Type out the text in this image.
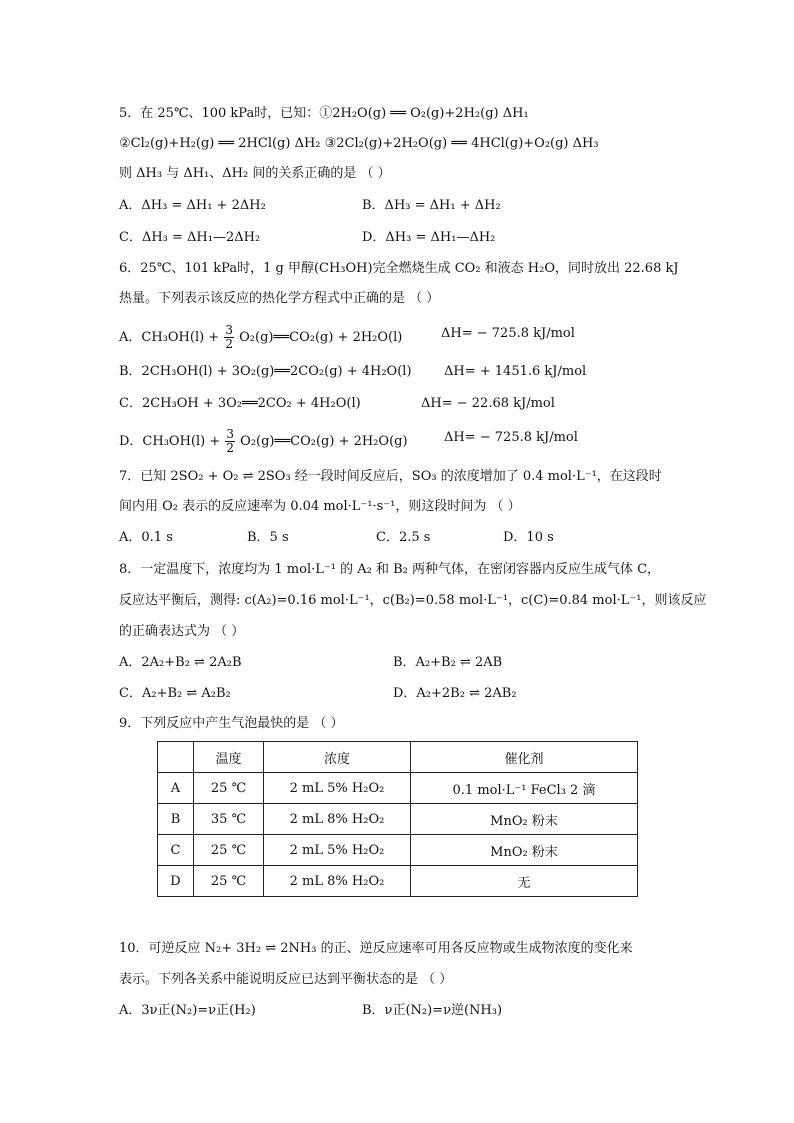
5．在 25℃、100 kPa时，已知：①2H₂O(g) ══ O₂(g)+2H₂(g) ΔH₁
②Cl₂(g)+H₂(g) ══ 2HCl(g) ΔH₂ ③2Cl₂(g)+2H₂O(g) ══ 4HCl(g)+O₂(g) ΔH₃
则 ΔH₃ 与 ΔH₁、ΔH₂ 间的关系正确的是 （ ）
A．ΔH₃ = ΔH₁ + 2ΔH₂	B．ΔH₃ = ΔH₁ + ΔH₂
C．ΔH₃ = ΔH₁—2ΔH₂	D．ΔH₃ = ΔH₁—ΔH₂
6．25℃、101 kPa时，1 g 甲醇(CH₃OH)完全燃烧生成 CO₂ 和液态 H₂O，同时放出 22.68 kJ
热量。下列表示该反应的热化学方程式中正确的是 （ ）
A．$CH_3OH(l) + \frac{3}{2}$ O₂(g)══CO₂(g) + 2H₂O(l)	ΔH= − 725.8 kJ/mol
B．2CH₃OH(l) + 3O₂(g)══2CO₂(g) + 4H₂O(l) ΔH= + 1451.6 kJ/mol
C．2CH₃OH + 3O₂══2CO₂ + 4H₂O(l)	ΔH= − 22.68 kJ/mol
D．$CH_3OH(l) + \frac{3}{2}$ O₂(g)══CO₂(g) + 2H₂O(g)	ΔH= − 725.8 kJ/mol
7．已知 2SO₂ + O₂ ⇌ 2SO₃ 经一段时间反应后，SO₃ 的浓度增加了 0.4 mol·L⁻¹，在这段时
间内用 O₂ 表示的反应速率为 0.04 mol·L⁻¹·s⁻¹，则这段时间为 （ ）
A．0.1 s	B．5 s	C．2.5 s	D．10 s
8．一定温度下，浓度均为 1 mol·L⁻¹ 的 A₂ 和 B₂ 两种气体，在密闭容器内反应生成气体 C，
反应达平衡后，测得: c(A₂)=0.16 mol·L⁻¹，c(B₂)=0.58 mol·L⁻¹，c(C)=0.84 mol·L⁻¹，则该反应
的正确表达式为 （ ）
A．2A₂+B₂ ⇌ 2A₂B	B．A₂+B₂ ⇌ 2AB
C．A₂+B₂ ⇌ A₂B₂	D．A₂+2B₂ ⇌ 2AB₂
9．下列反应中产生气泡最快的是 （ ）
	温度	浓度	催化剂
A	25 ℃	2 mL 5% H₂O₂	0.1 mol·L⁻¹ FeCl₃ 2 滴
B	35 ℃	2 mL 8% H₂O₂	MnO₂ 粉末
C	25 ℃	2 mL 5% H₂O₂	MnO₂ 粉末
D	25 ℃	2 mL 8% H₂O₂	无
10．可逆反应 N₂+ 3H₂ ⇌ 2NH₃ 的正、逆反应速率可用各反应物或生成物浓度的变化来
表示。下列各关系中能说明反应已达到平衡状态的是 （ ）
A．3ν正(N₂)=ν正(H₂)	B．ν正(N₂)=ν逆(NH₃)
